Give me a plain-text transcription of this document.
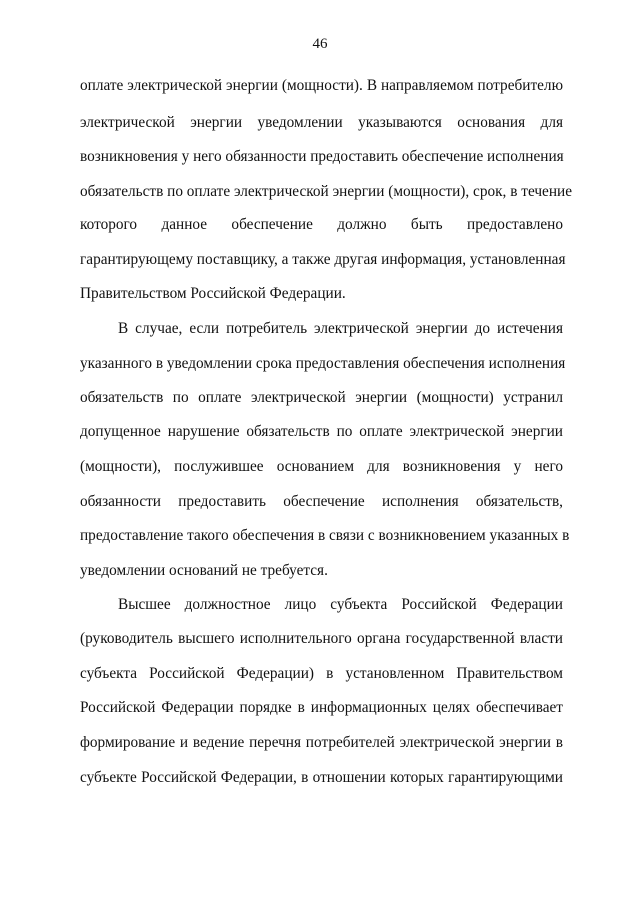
46
оплате электрической энергии (мощности). В направляемом потребителю
электрической энергии уведомлении указываются основания для
возникновения у него обязанности предоставить обеспечение исполнения
обязательств по оплате электрической энергии (мощности), срок, в течение
которого данное обеспечение должно быть предоставлено
гарантирующему поставщику, а также другая информация, установленная
Правительством Российской Федерации.
В случае, если потребитель электрической энергии до истечения
указанного в уведомлении срока предоставления обеспечения исполнения
обязательств по оплате электрической энергии (мощности) устранил
допущенное нарушение обязательств по оплате электрической энергии
(мощности), послужившее основанием для возникновения у него
обязанности предоставить обеспечение исполнения обязательств,
предоставление такого обеспечения в связи с возникновением указанных в
уведомлении оснований не требуется.
Высшее должностное лицо субъекта Российской Федерации
(руководитель высшего исполнительного органа государственной власти
субъекта Российской Федерации) в установленном Правительством
Российской Федерации порядке в информационных целях обеспечивает
формирование и ведение перечня потребителей электрической энергии в
субъекте Российской Федерации, в отношении которых гарантирующими
